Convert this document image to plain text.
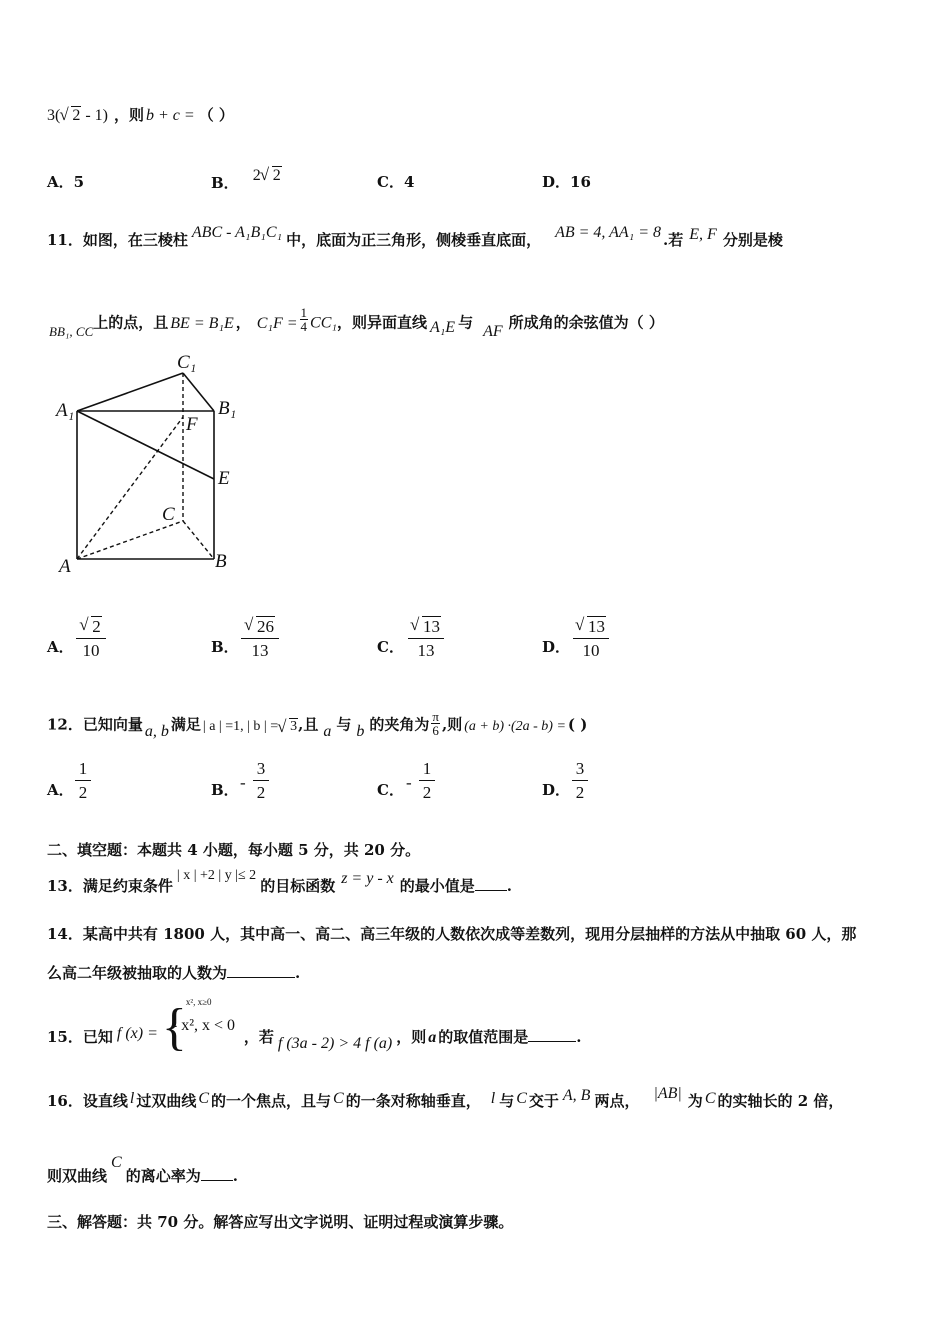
3( √ 2 - 1) ，则 b + c = （ ）
A．5	B． 2 √ 2	C．4	D．16
11．如图，在三棱柱 ABC - A₁B₁C₁ 中，底面为正三角形，侧棱垂直底面， AB = 4, AA₁ = 8 .若 E, F 分别是棱
BB₁, CC上的点，且 BE = B₁E ， $C_1F = \frac{1}{4} CC_1$，则异面直线 A₁E 与 AF 所成角的余弦值为（ ）
C₁
A₁	B₁
F
E
C
A	B
A．
√ 2
10	B．
√ 26
13	C．
√ 13
13	D．
√ 13
10
12．已知向量 a, b 满足 | a | =1, | b | = √ 3,且 a 与 b 的夹角为 $\frac{\pi}{6}$ ,则 (a + b) ·(2a - b) = ( )
A．
1
2	B． -
3
2	C． -
1
2	D．
3
2
二、填空题：本题共 4 小题，每小题 5 分，共 20 分。
13．满足约束条件| x | +2 | y |≤ 2的目标函数 z = y - x 的最小值是 .
14．某高中共有 1800 人，其中高一、高二、高三年级的人数依次成等差数列，现用分层抽样的方法从中抽取 60 人，那
么高二年级被抽取的人数为	.
15．已知 f (x) = { x², x≥0
- x², x < 0
，若 f (3a - 2) > 4 f (a) ，则 a 的取值范围是	.
16．设直线 l 过双曲线 C 的一个焦点，且与 C 的一条对称轴垂直， l 与 C 交于 A, B 两点， |AB| 为 C 的实轴长的 2 倍，
则双曲线C的离心率为 .
三、解答题：共 70 分。解答应写出文字说明、证明过程或演算步骤。
